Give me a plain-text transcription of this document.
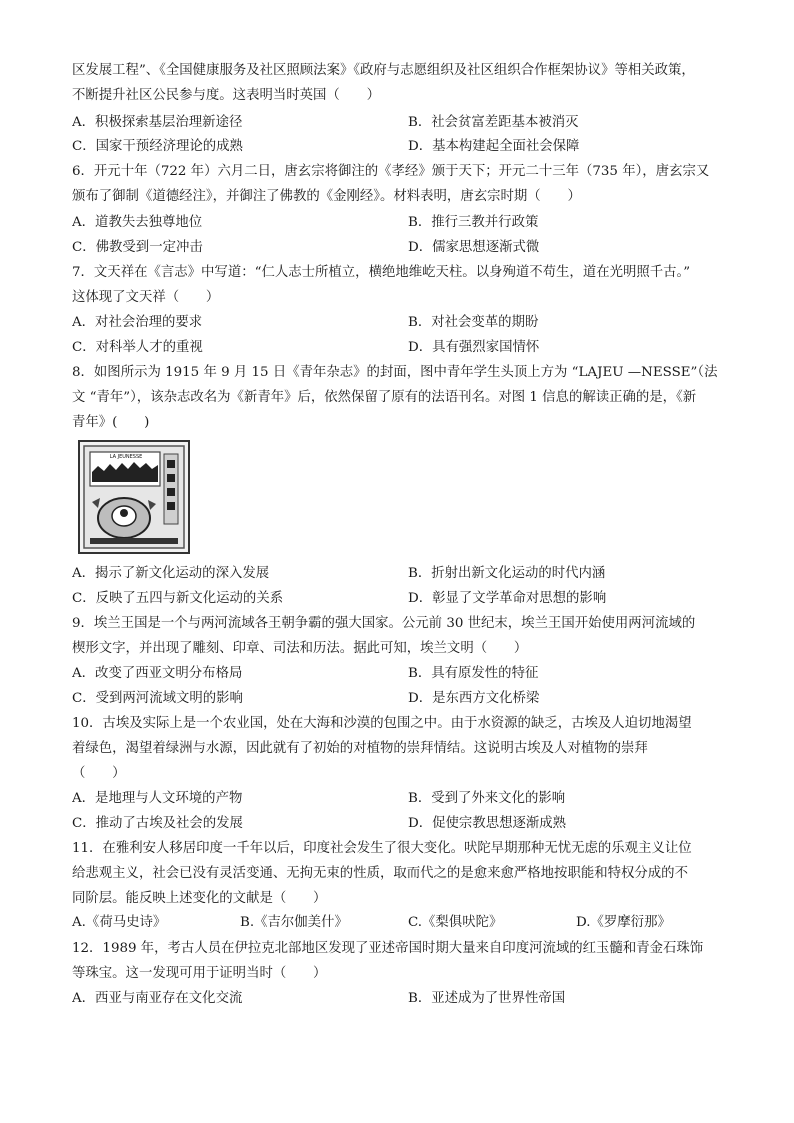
区发展工程”、《全国健康服务及社区照顾法案》《政府与志愿组织及社区组织合作框架协议》等相关政策，
不断提升社区公民参与度。这表明当时英国（　　）
A．积极探索基层治理新途径	B．社会贫富差距基本被消灭
C．国家干预经济理论的成熟	D．基本构建起全面社会保障
6．开元十年（722 年）六月二日，唐玄宗将御注的《孝经》颁于天下；开元二十三年（735 年），唐玄宗又
颁布了御制《道德经注》，并御注了佛教的《金刚经》。材料表明，唐玄宗时期（　　）
A．道教失去独尊地位	B．推行三教并行政策
C．佛教受到一定冲击	D．儒家思想逐渐式微
7．文天祥在《言志》中写道：“仁人志士所植立，横绝地维屹天柱。以身殉道不苟生，道在光明照千古。”
这体现了文天祥（　　）
A．对社会治理的要求	B．对社会变革的期盼
C．对科举人才的重视	D．具有强烈家国情怀
8．如图所示为 1915 年 9 月 15 日《青年杂志》的封面，图中青年学生头顶上方为 “LAJEU —NESSE”（法
文 “青年”），该杂志改名为《新青年》后，依然保留了原有的法语刊名。对图 1 信息的解读正确的是，《新
青年》(　　)
LA JEUNESSE
A．揭示了新文化运动的深入发展	B．折射出新文化运动的时代内涵
C．反映了五四与新文化运动的关系	D．彰显了文学革命对思想的影响
9．埃兰王国是一个与两河流域各王朝争霸的强大国家。公元前 30 世纪末，埃兰王国开始使用两河流域的
楔形文字，并出现了雕刻、印章、司法和历法。据此可知，埃兰文明（　　）
A．改变了西亚文明分布格局	B．具有原发性的特征
C．受到两河流域文明的影响	D．是东西方文化桥梁
10．古埃及实际上是一个农业国，处在大海和沙漠的包围之中。由于水资源的缺乏，古埃及人迫切地渴望
着绿色，渴望着绿洲与水源，因此就有了初始的对植物的崇拜情结。这说明古埃及人对植物的崇拜
（　　）
A．是地理与人文环境的产物	B．受到了外来文化的影响
C．推动了古埃及社会的发展	D．促使宗教思想逐渐成熟
11．在雅利安人移居印度一千年以后，印度社会发生了很大变化。吠陀早期那种无忧无虑的乐观主义让位
给悲观主义，社会已没有灵活变通、无拘无束的性质，取而代之的是愈来愈严格地按职能和特权分成的不
同阶层。能反映上述变化的文献是（　　）
A.《荷马史诗》	B.《吉尔伽美什》	C.《梨俱吠陀》	D.《罗摩衍那》
12．1989 年，考古人员在伊拉克北部地区发现了亚述帝国时期大量来自印度河流域的红玉髓和青金石珠饰
等珠宝。这一发现可用于证明当时（　　）
A．西亚与南亚存在文化交流	B．亚述成为了世界性帝国
